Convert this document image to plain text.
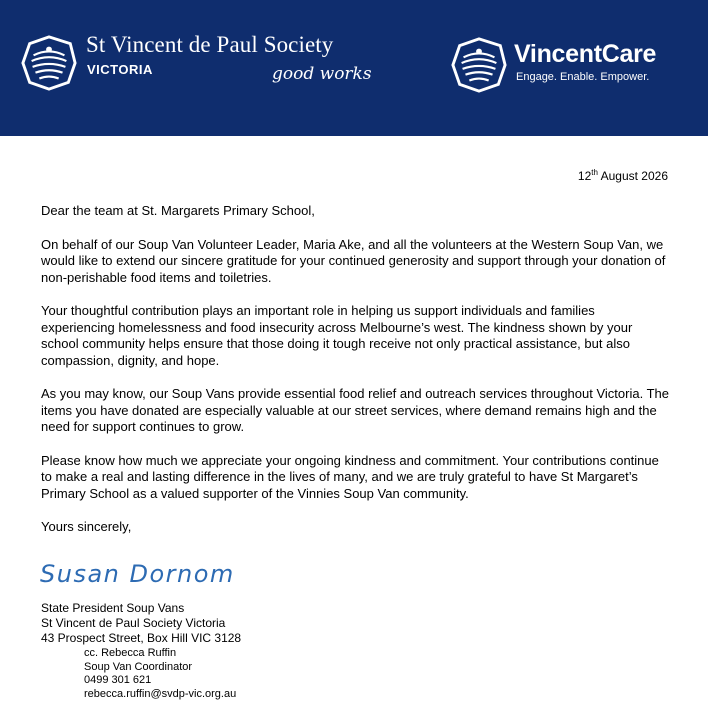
St Vincent de Paul Society
VICTORIA	good works
VincentCare
Engage. Enable. Empower.
12th August 2026

Dear the team at St. Margarets Primary School,

On behalf of our Soup Van Volunteer Leader, Maria Ake, and all the volunteers at the Western Soup Van, we would like to extend our sincere gratitude for your continued generosity and support through your donation of non-perishable food items and toiletries.

Your thoughtful contribution plays an important role in helping us support individuals and families experiencing homelessness and food insecurity across Melbourne’s west. The kindness shown by your school community helps ensure that those doing it tough receive not only practical assistance, but also compassion, dignity, and hope.

As you may know, our Soup Vans provide essential food relief and outreach services throughout Victoria. The items you have donated are especially valuable at our street services, where demand remains high and the need for support continues to grow.

Please know how much we appreciate your ongoing kindness and commitment. Your contributions continue to make a real and lasting difference in the lives of many, and we are truly grateful to have St Margaret’s Primary School as a valued supporter of the Vinnies Soup Van community.

Yours sincerely,

Susan Dornom
State President Soup Vans
St Vincent de Paul Society Victoria
43 Prospect Street, Box Hill VIC 3128
cc. Rebecca Ruffin
Soup Van Coordinator
0499 301 621
rebecca.ruffin@svdp-vic.org.au
